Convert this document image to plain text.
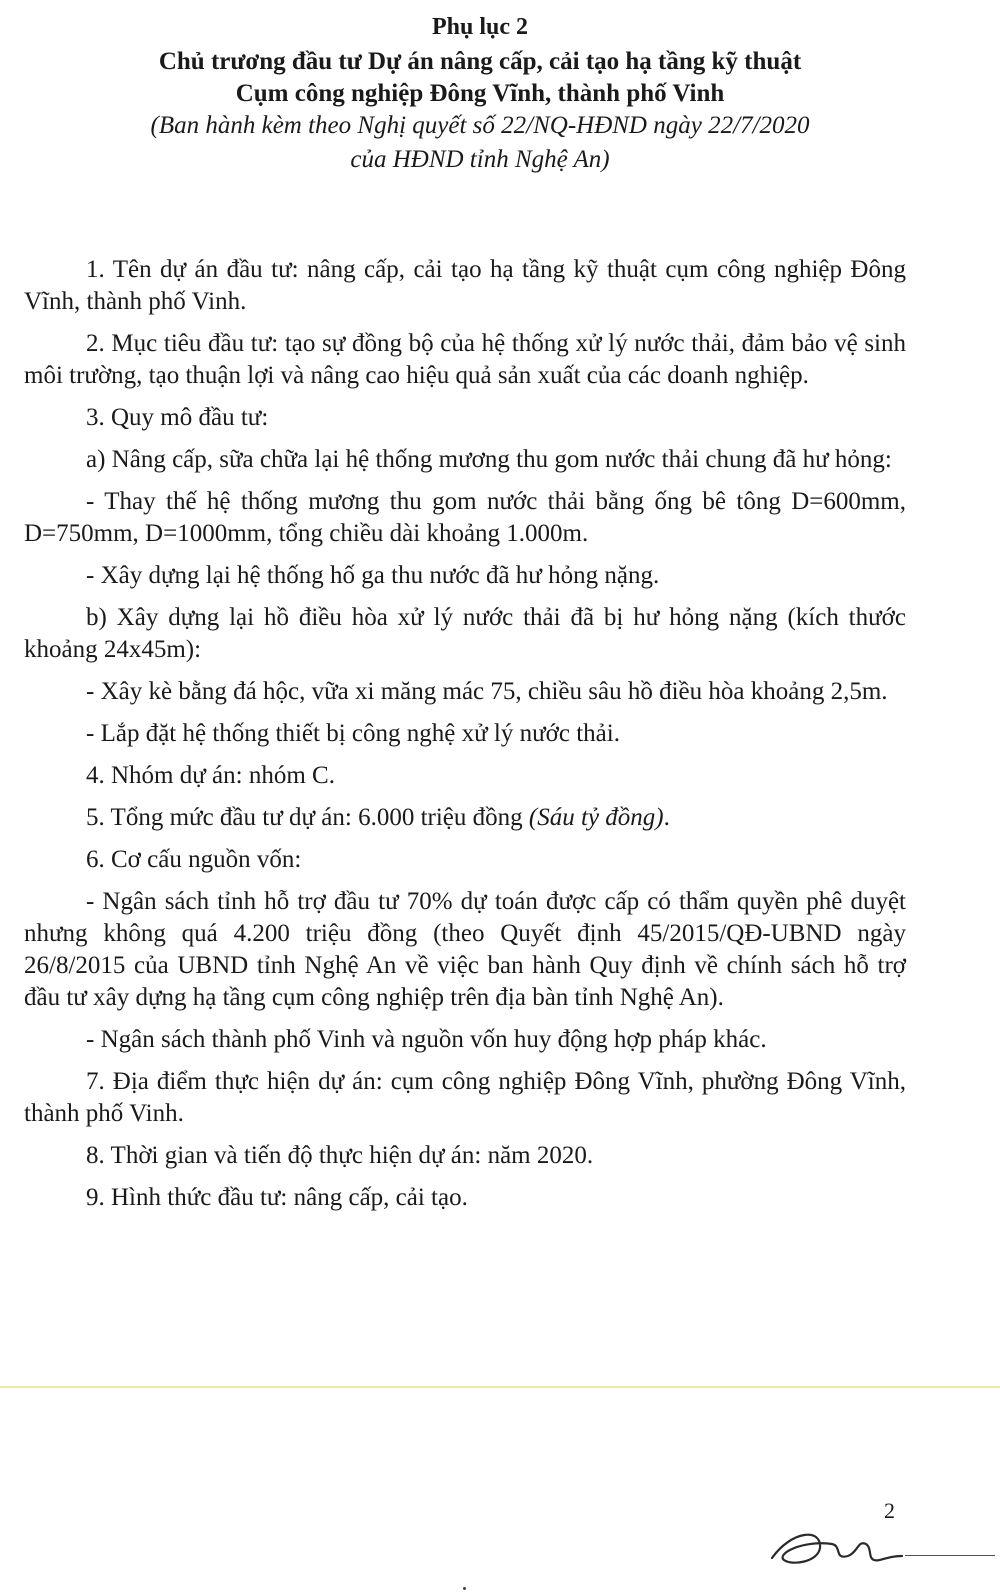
Phụ lục 2
Chủ trương đầu tư Dự án nâng cấp, cải tạo hạ tầng kỹ thuật
Cụm công nghiệp Đông Vĩnh, thành phố Vinh
(Ban hành kèm theo Nghị quyết số 22/NQ-HĐND ngày 22/7/2020
của HĐND tỉnh Nghệ An)

1. Tên dự án đầu tư: nâng cấp, cải tạo hạ tầng kỹ thuật cụm công nghiệp Đông Vĩnh, thành phố Vinh.

2. Mục tiêu đầu tư: tạo sự đồng bộ của hệ thống xử lý nước thải, đảm bảo vệ sinh môi trường, tạo thuận lợi và nâng cao hiệu quả sản xuất của các doanh nghiệp.

3. Quy mô đầu tư:

a) Nâng cấp, sữa chữa lại hệ thống mương thu gom nước thải chung đã hư hỏng:

- Thay thế hệ thống mương thu gom nước thải bằng ống bê tông D=600mm, D=750mm, D=1000mm, tổng chiều dài khoảng 1.000m.

- Xây dựng lại hệ thống hố ga thu nước đã hư hỏng nặng.

b) Xây dựng lại hồ điều hòa xử lý nước thải đã bị hư hỏng nặng (kích thước khoảng 24x45m):

- Xây kè bằng đá hộc, vữa xi măng mác 75, chiều sâu hồ điều hòa khoảng 2,5m.

- Lắp đặt hệ thống thiết bị công nghệ xử lý nước thải.

4. Nhóm dự án: nhóm C.

5. Tổng mức đầu tư dự án: 6.000 triệu đồng (Sáu tỷ đồng).

6. Cơ cấu nguồn vốn:

- Ngân sách tỉnh hỗ trợ đầu tư 70% dự toán được cấp có thẩm quyền phê duyệt nhưng không quá 4.200 triệu đồng (theo Quyết định 45/2015/QĐ-UBND ngày 26/8/2015 của UBND tỉnh Nghệ An về việc ban hành Quy định về chính sách hỗ trợ đầu tư xây dựng hạ tầng cụm công nghiệp trên địa bàn tỉnh Nghệ An).

- Ngân sách thành phố Vinh và nguồn vốn huy động hợp pháp khác.

7. Địa điểm thực hiện dự án: cụm công nghiệp Đông Vĩnh, phường Đông Vĩnh, thành phố Vinh.

8. Thời gian và tiến độ thực hiện dự án: năm 2020.

9. Hình thức đầu tư: nâng cấp, cải tạo.

2
